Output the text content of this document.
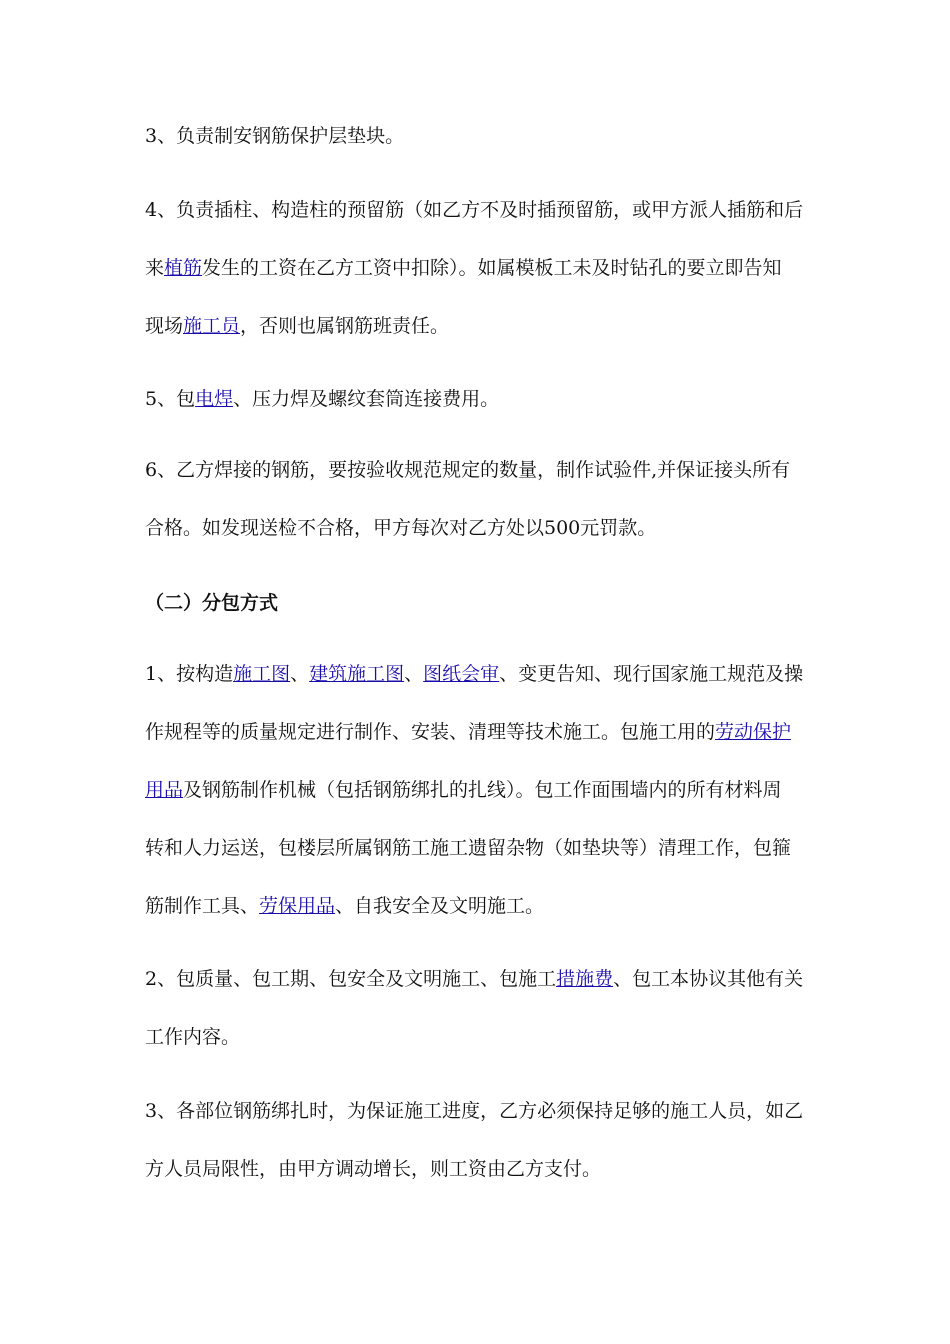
3、负责制安钢筋保护层垫块。

4、负责插柱、构造柱的预留筋（如乙方不及时插预留筋，或甲方派人插筋和后
来植筋发生的工资在乙方工资中扣除）。如属模板工未及时钻孔的要立即告知
现场施工员，否则也属钢筋班责任。

5、包电焊、压力焊及螺纹套筒连接费用。

6、乙方焊接的钢筋，要按验收规范规定的数量，制作试验件,并保证接头所有
合格。如发现送检不合格，甲方每次对乙方处以500元罚款。

（二）分包方式

1、按构造施工图、建筑施工图、图纸会审、变更告知、现行国家施工规范及操
作规程等的质量规定进行制作、安装、清理等技术施工。包施工用的劳动保护
用品及钢筋制作机械（包括钢筋绑扎的扎线）。包工作面围墙内的所有材料周
转和人力运送，包楼层所属钢筋工施工遗留杂物（如垫块等）清理工作，包箍
筋制作工具、劳保用品、自我安全及文明施工。

2、包质量、包工期、包安全及文明施工、包施工措施费、包工本协议其他有关
工作内容。

3、各部位钢筋绑扎时，为保证施工进度，乙方必须保持足够的施工人员，如乙
方人员局限性，由甲方调动增长，则工资由乙方支付。
